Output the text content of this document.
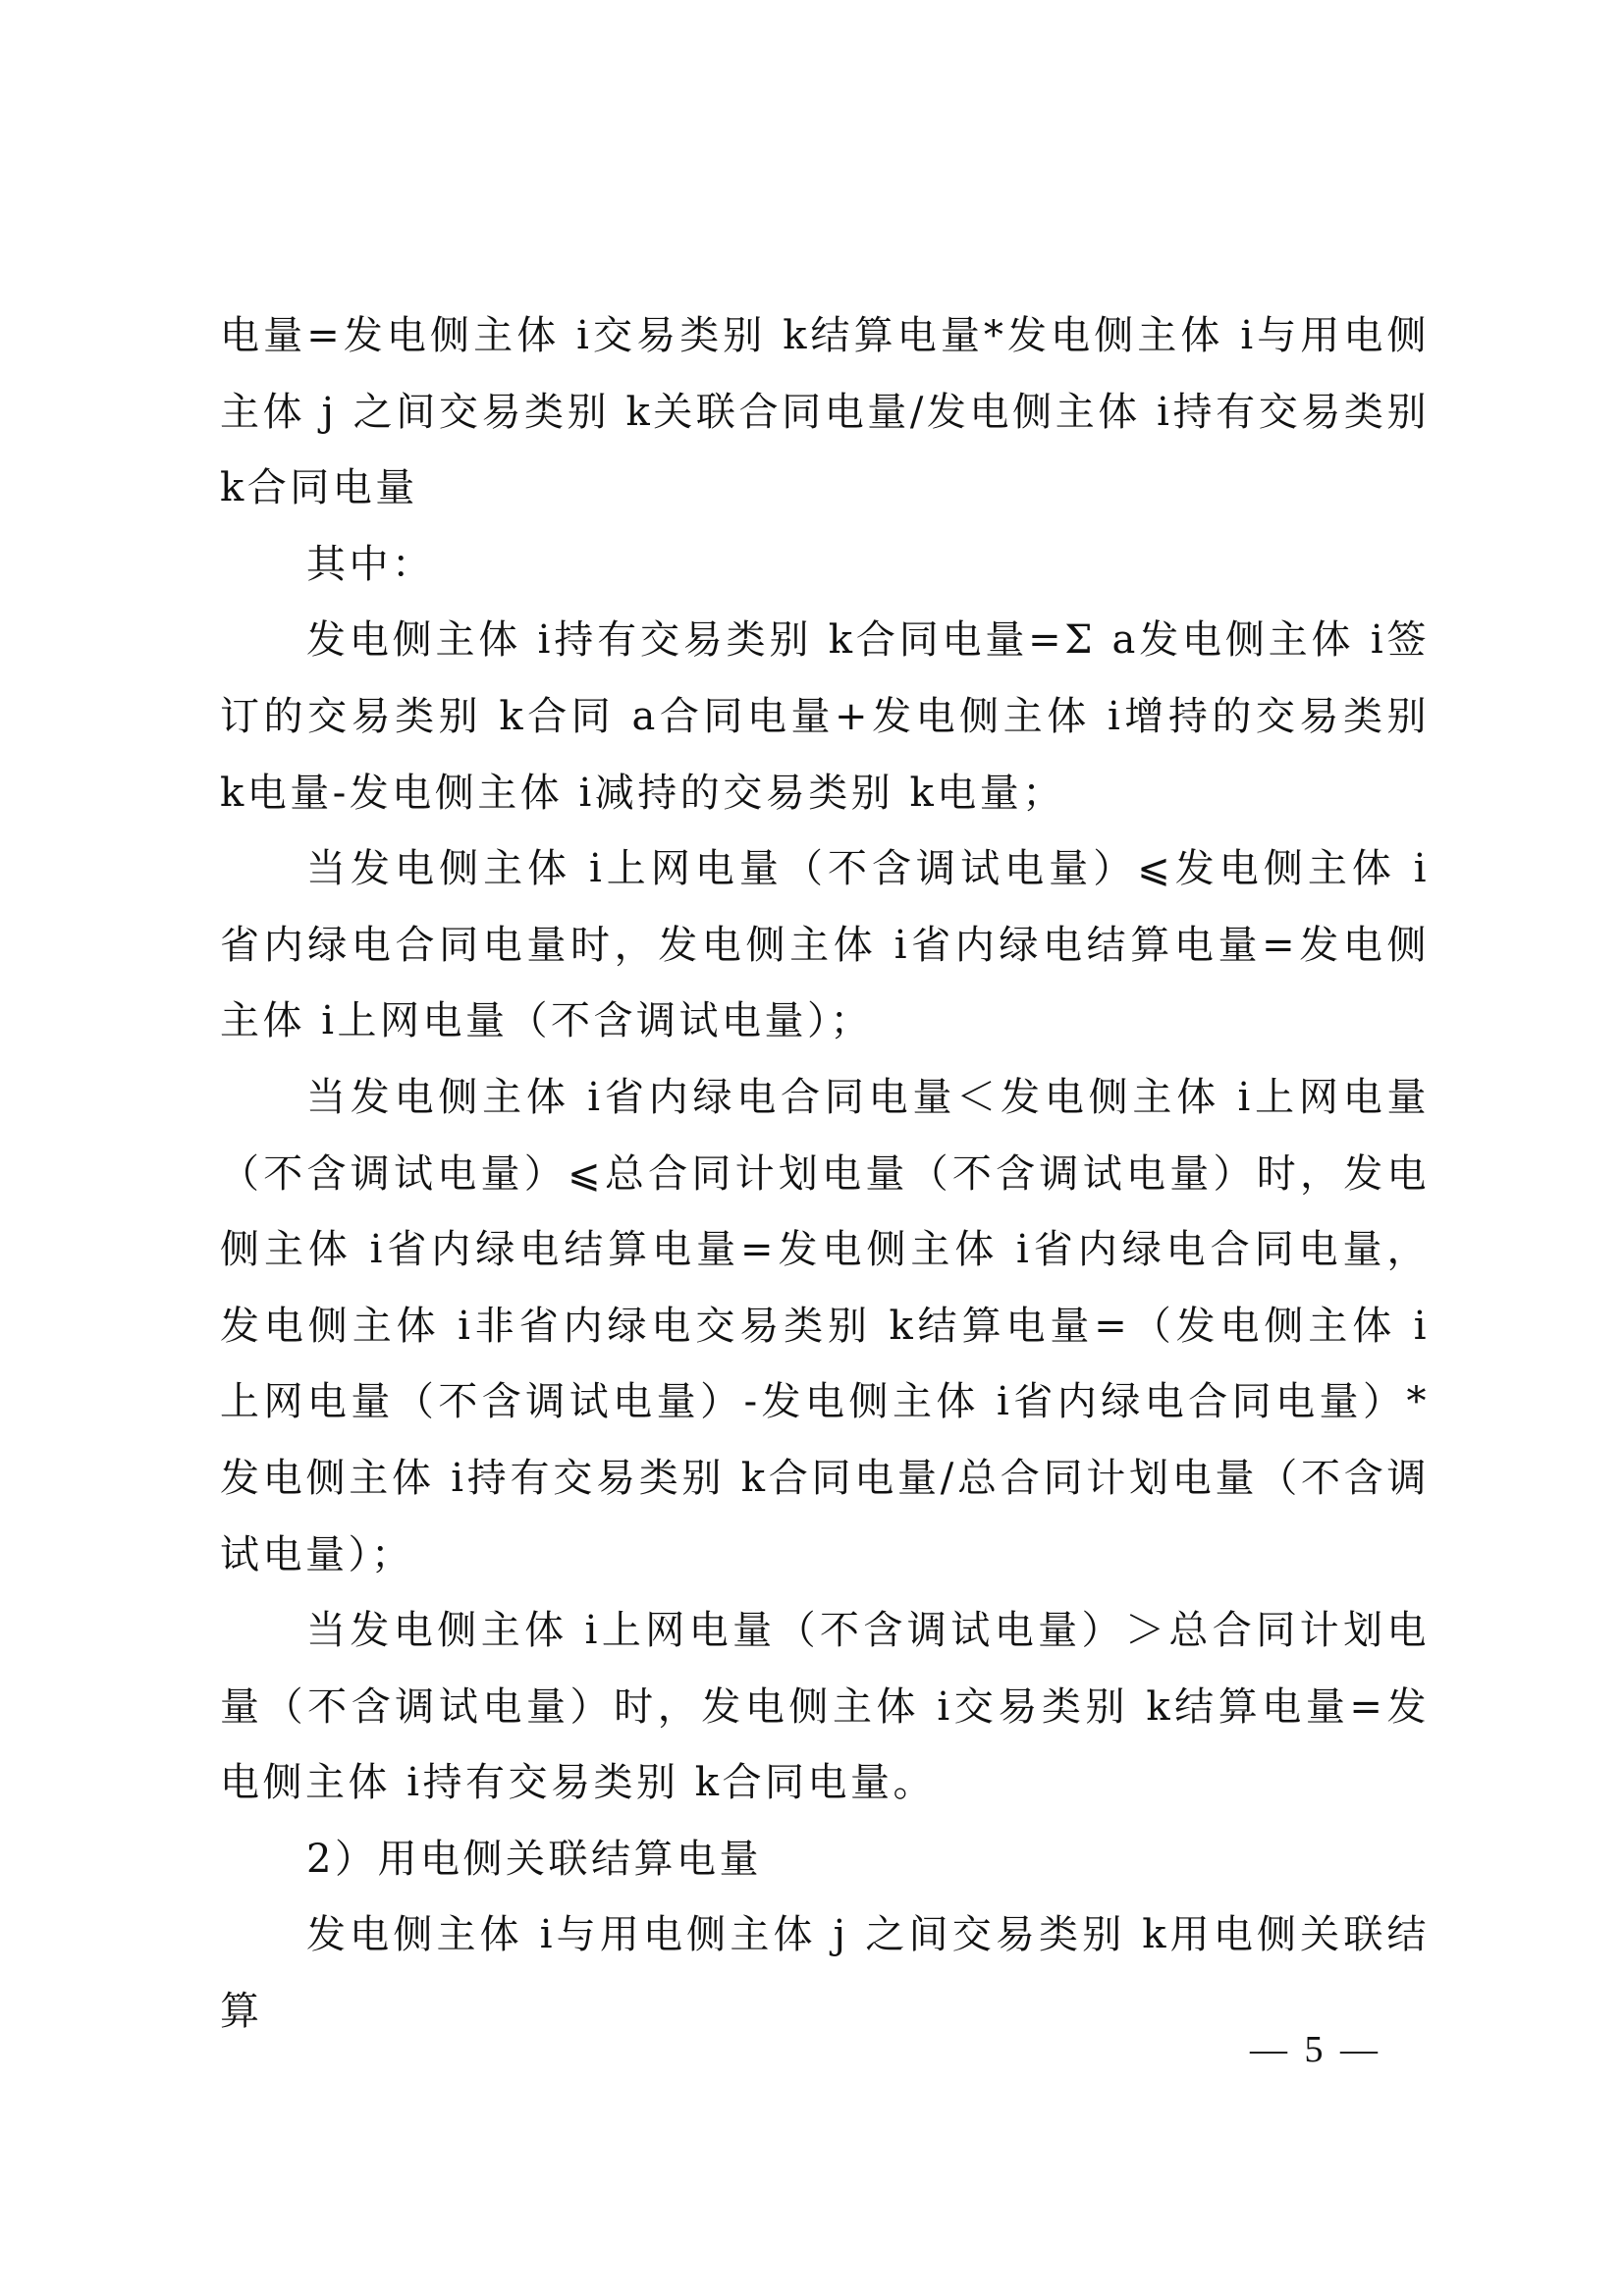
电量=发电侧主体 i交易类别 k结算电量*发电侧主体 i与用电侧主体 j 之间交易类别 k关联合同电量/发电侧主体 i持有交易类别 k合同电量

其中：

发电侧主体 i持有交易类别 k合同电量=Σ a发电侧主体 i签订的交易类别 k合同 a合同电量+发电侧主体 i增持的交易类别 k电量-发电侧主体 i减持的交易类别 k电量；

当发电侧主体 i上网电量（不含调试电量）⩽发电侧主体 i省内绿电合同电量时，发电侧主体 i省内绿电结算电量=发电侧主体 i上网电量（不含调试电量）；

当发电侧主体 i省内绿电合同电量＜发电侧主体 i上网电量（不含调试电量）⩽总合同计划电量（不含调试电量）时，发电侧主体 i省内绿电结算电量=发电侧主体 i省内绿电合同电量，发电侧主体 i非省内绿电交易类别 k结算电量=（发电侧主体 i上网电量（不含调试电量）-发电侧主体 i省内绿电合同电量）*发电侧主体 i持有交易类别 k合同电量/总合同计划电量（不含调试电量）；

当发电侧主体 i上网电量（不含调试电量）＞总合同计划电量（不含调试电量）时，发电侧主体 i交易类别 k结算电量=发电侧主体 i持有交易类别 k合同电量。

2）用电侧关联结算电量

发电侧主体 i与用电侧主体 j 之间交易类别 k用电侧关联结算

— 5 —
